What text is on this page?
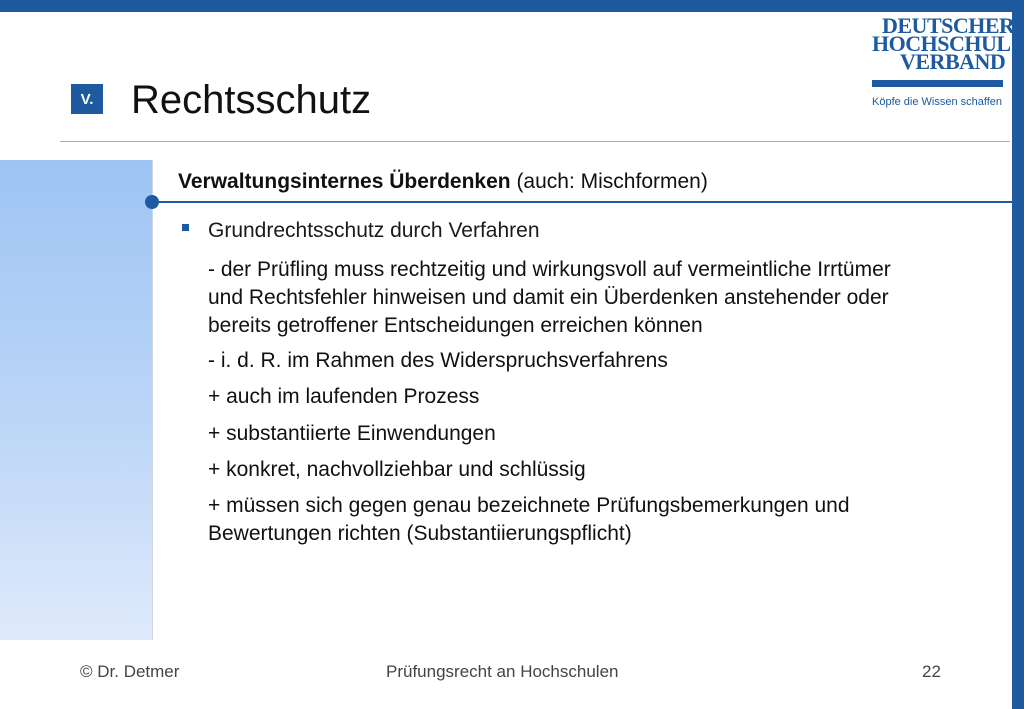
DEUTSCHER
HOCHSCHUL
VERBAND
Köpfe die Wissen schaffen
V. Rechtsschutz
Verwaltungsinternes Überdenken (auch: Mischformen)
Grundrechtsschutz durch Verfahren
- der Prüfling muss rechtzeitig und wirkungsvoll auf vermeintliche Irrtümer
und Rechtsfehler hinweisen und damit ein Überdenken anstehender oder
bereits getroffener Entscheidungen erreichen können
- i. d. R. im Rahmen des Widerspruchsverfahrens
+ auch im laufenden Prozess
+ substantiierte Einwendungen
+ konkret, nachvollziehbar und schlüssig
+ müssen sich gegen genau bezeichnete Prüfungsbemerkungen und
Bewertungen richten (Substantiierungspflicht)
© Dr. Detmer	Prüfungsrecht an Hochschulen	22
